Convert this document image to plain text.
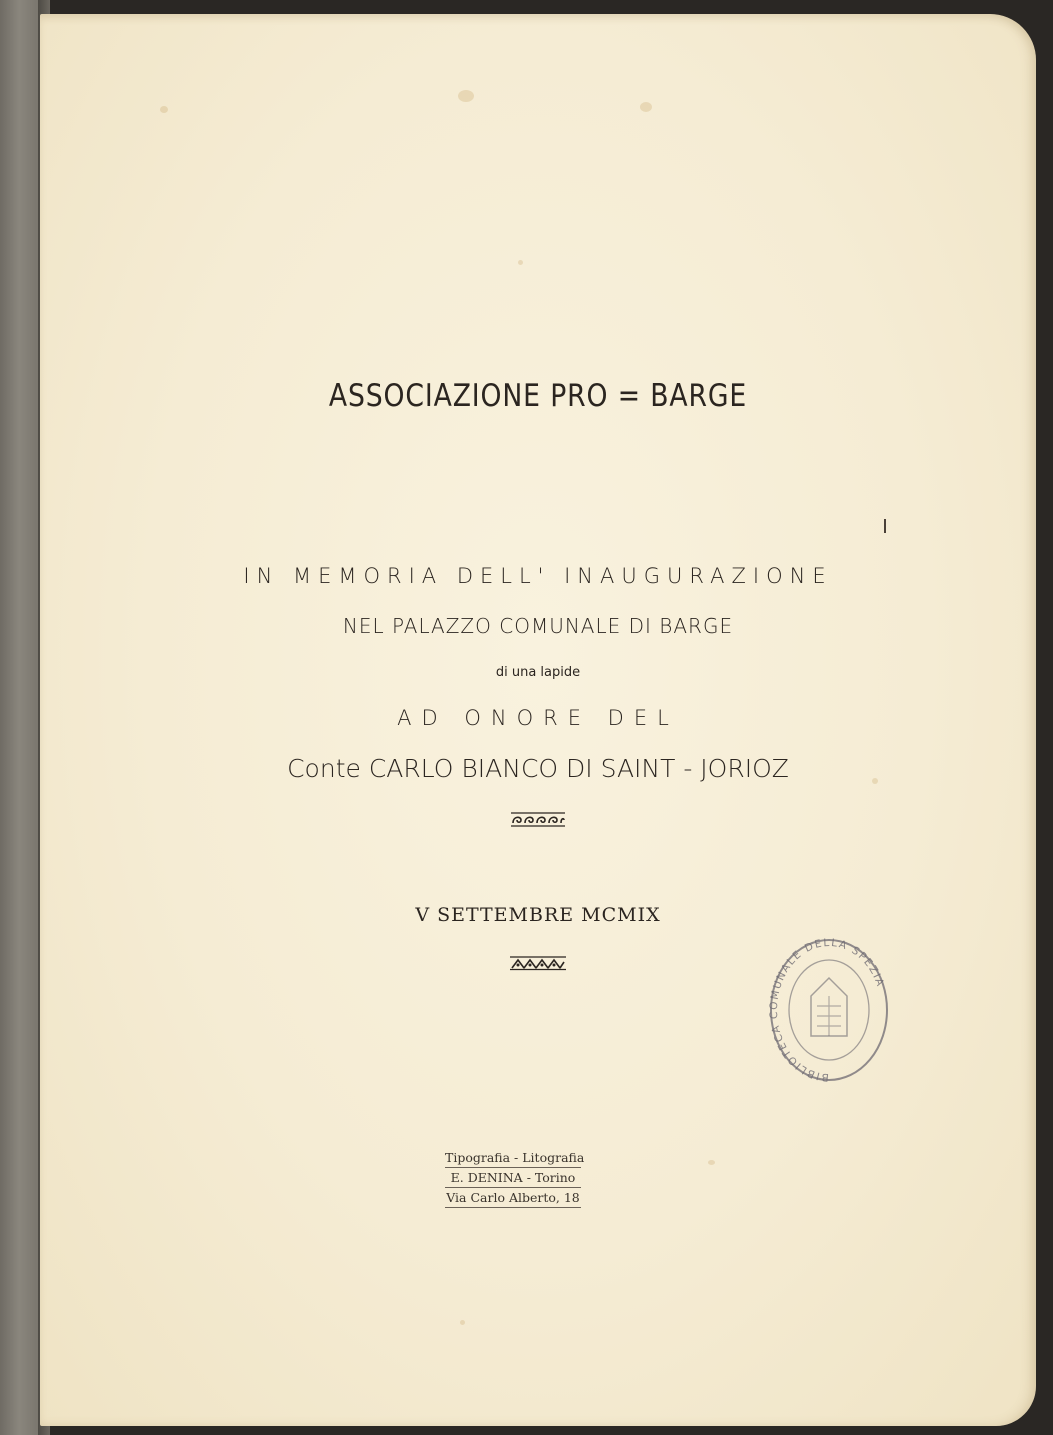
ASSOCIAZIONE PRO = BARGE
IN MEMORIA DELL' INAUGURAZIONE
NEL PALAZZO COMUNALE DI BARGE
di una lapide
AD ONORE DEL
Conte CARLO BIANCO DI SAINT - JORIOZ
V SETTEMBRE MCMIX
BIBLIOTECA COMUNALE DELLA SPEZIA
Tipografia - Litografia
E. DENINA - Torino
Via Carlo Alberto, 18
